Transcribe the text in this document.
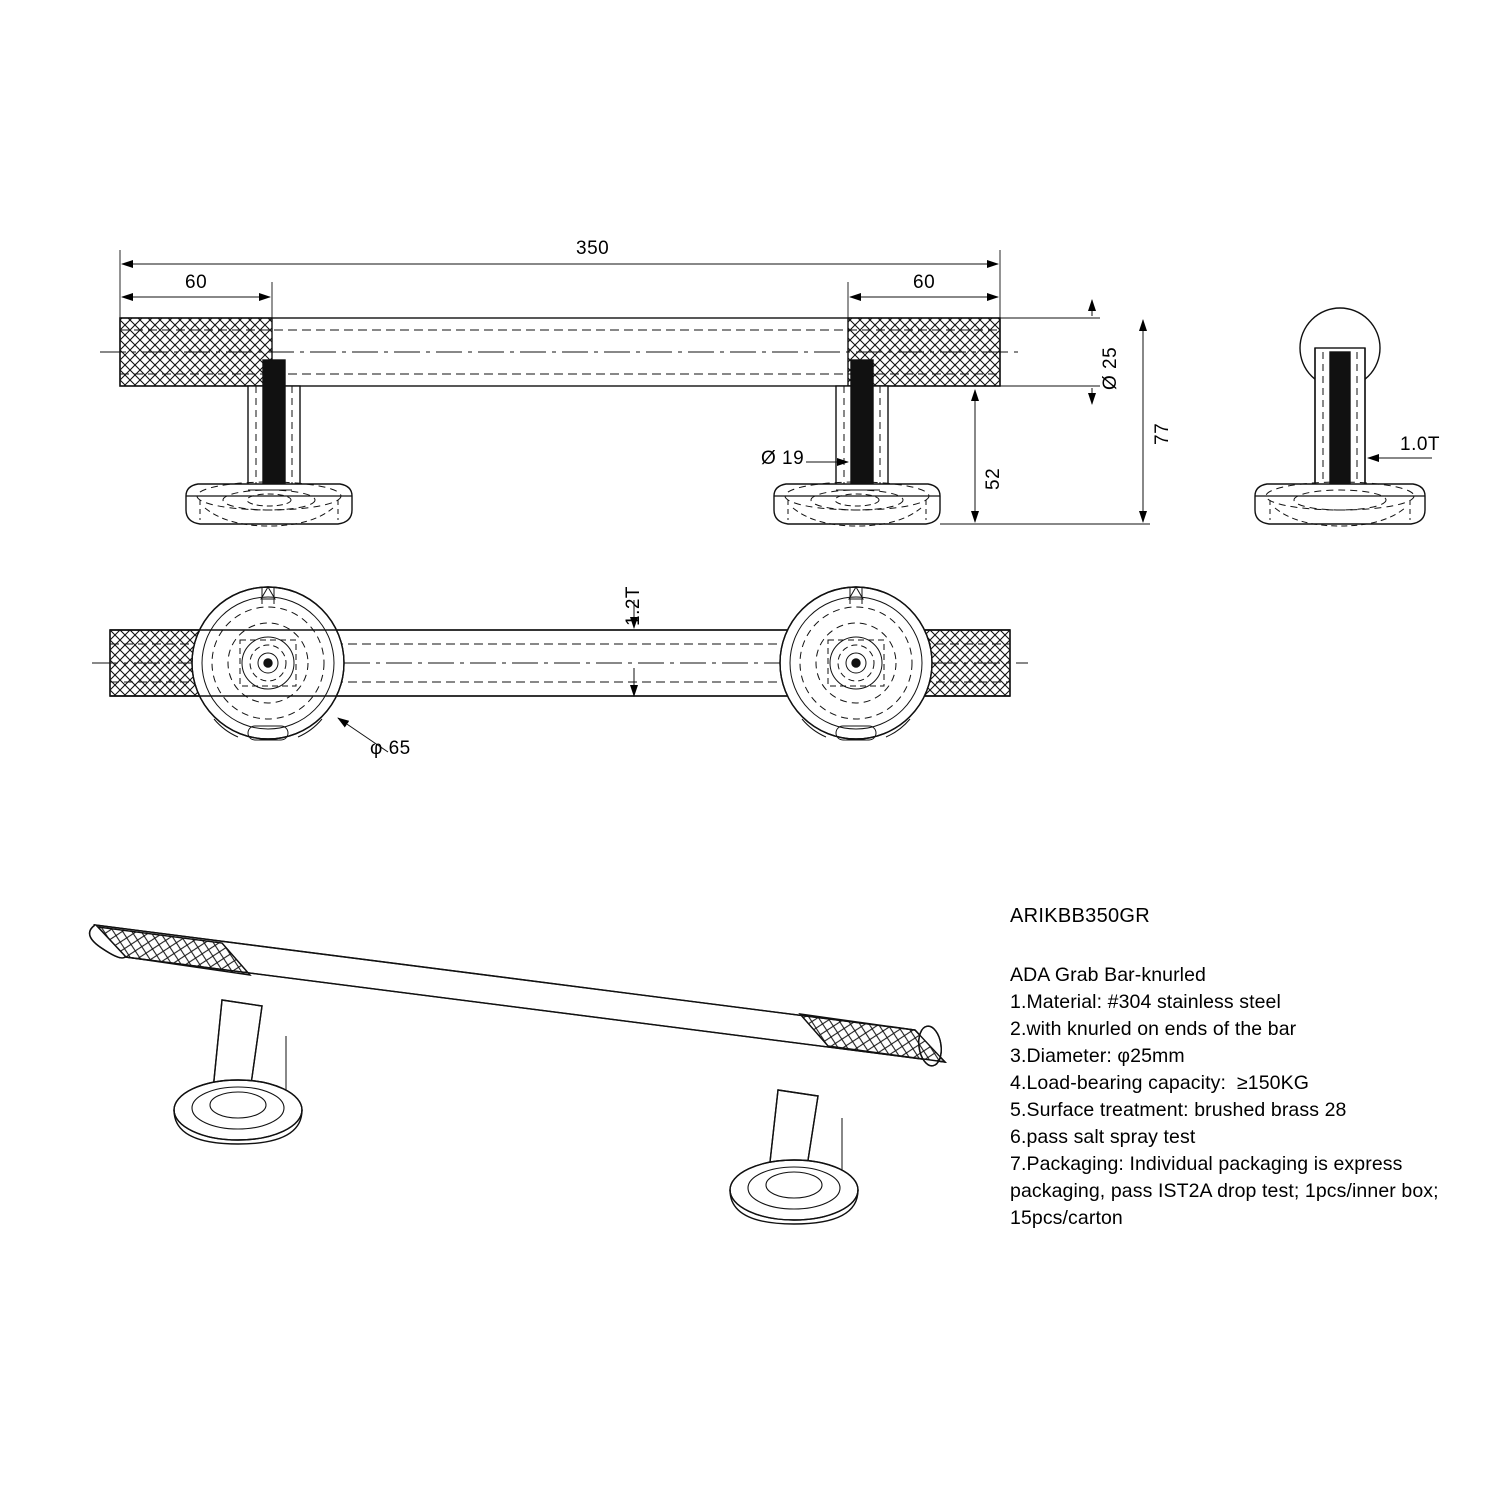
350
60	60
Ø 25
77
52
Ø 19
1.0T
1.2T
φ 65
ARIKBB350GR
ADA Grab Bar-knurled
1.Material: #304 stainless steel
2.with knurled on ends of the bar
3.Diameter: φ25mm
4.Load-bearing capacity:  ≥150KG
5.Surface treatment: brushed brass 28
6.pass salt spray test
7.Packaging: Individual packaging is express packaging, pass IST2A drop test; 1pcs/inner box; 15pcs/carton
